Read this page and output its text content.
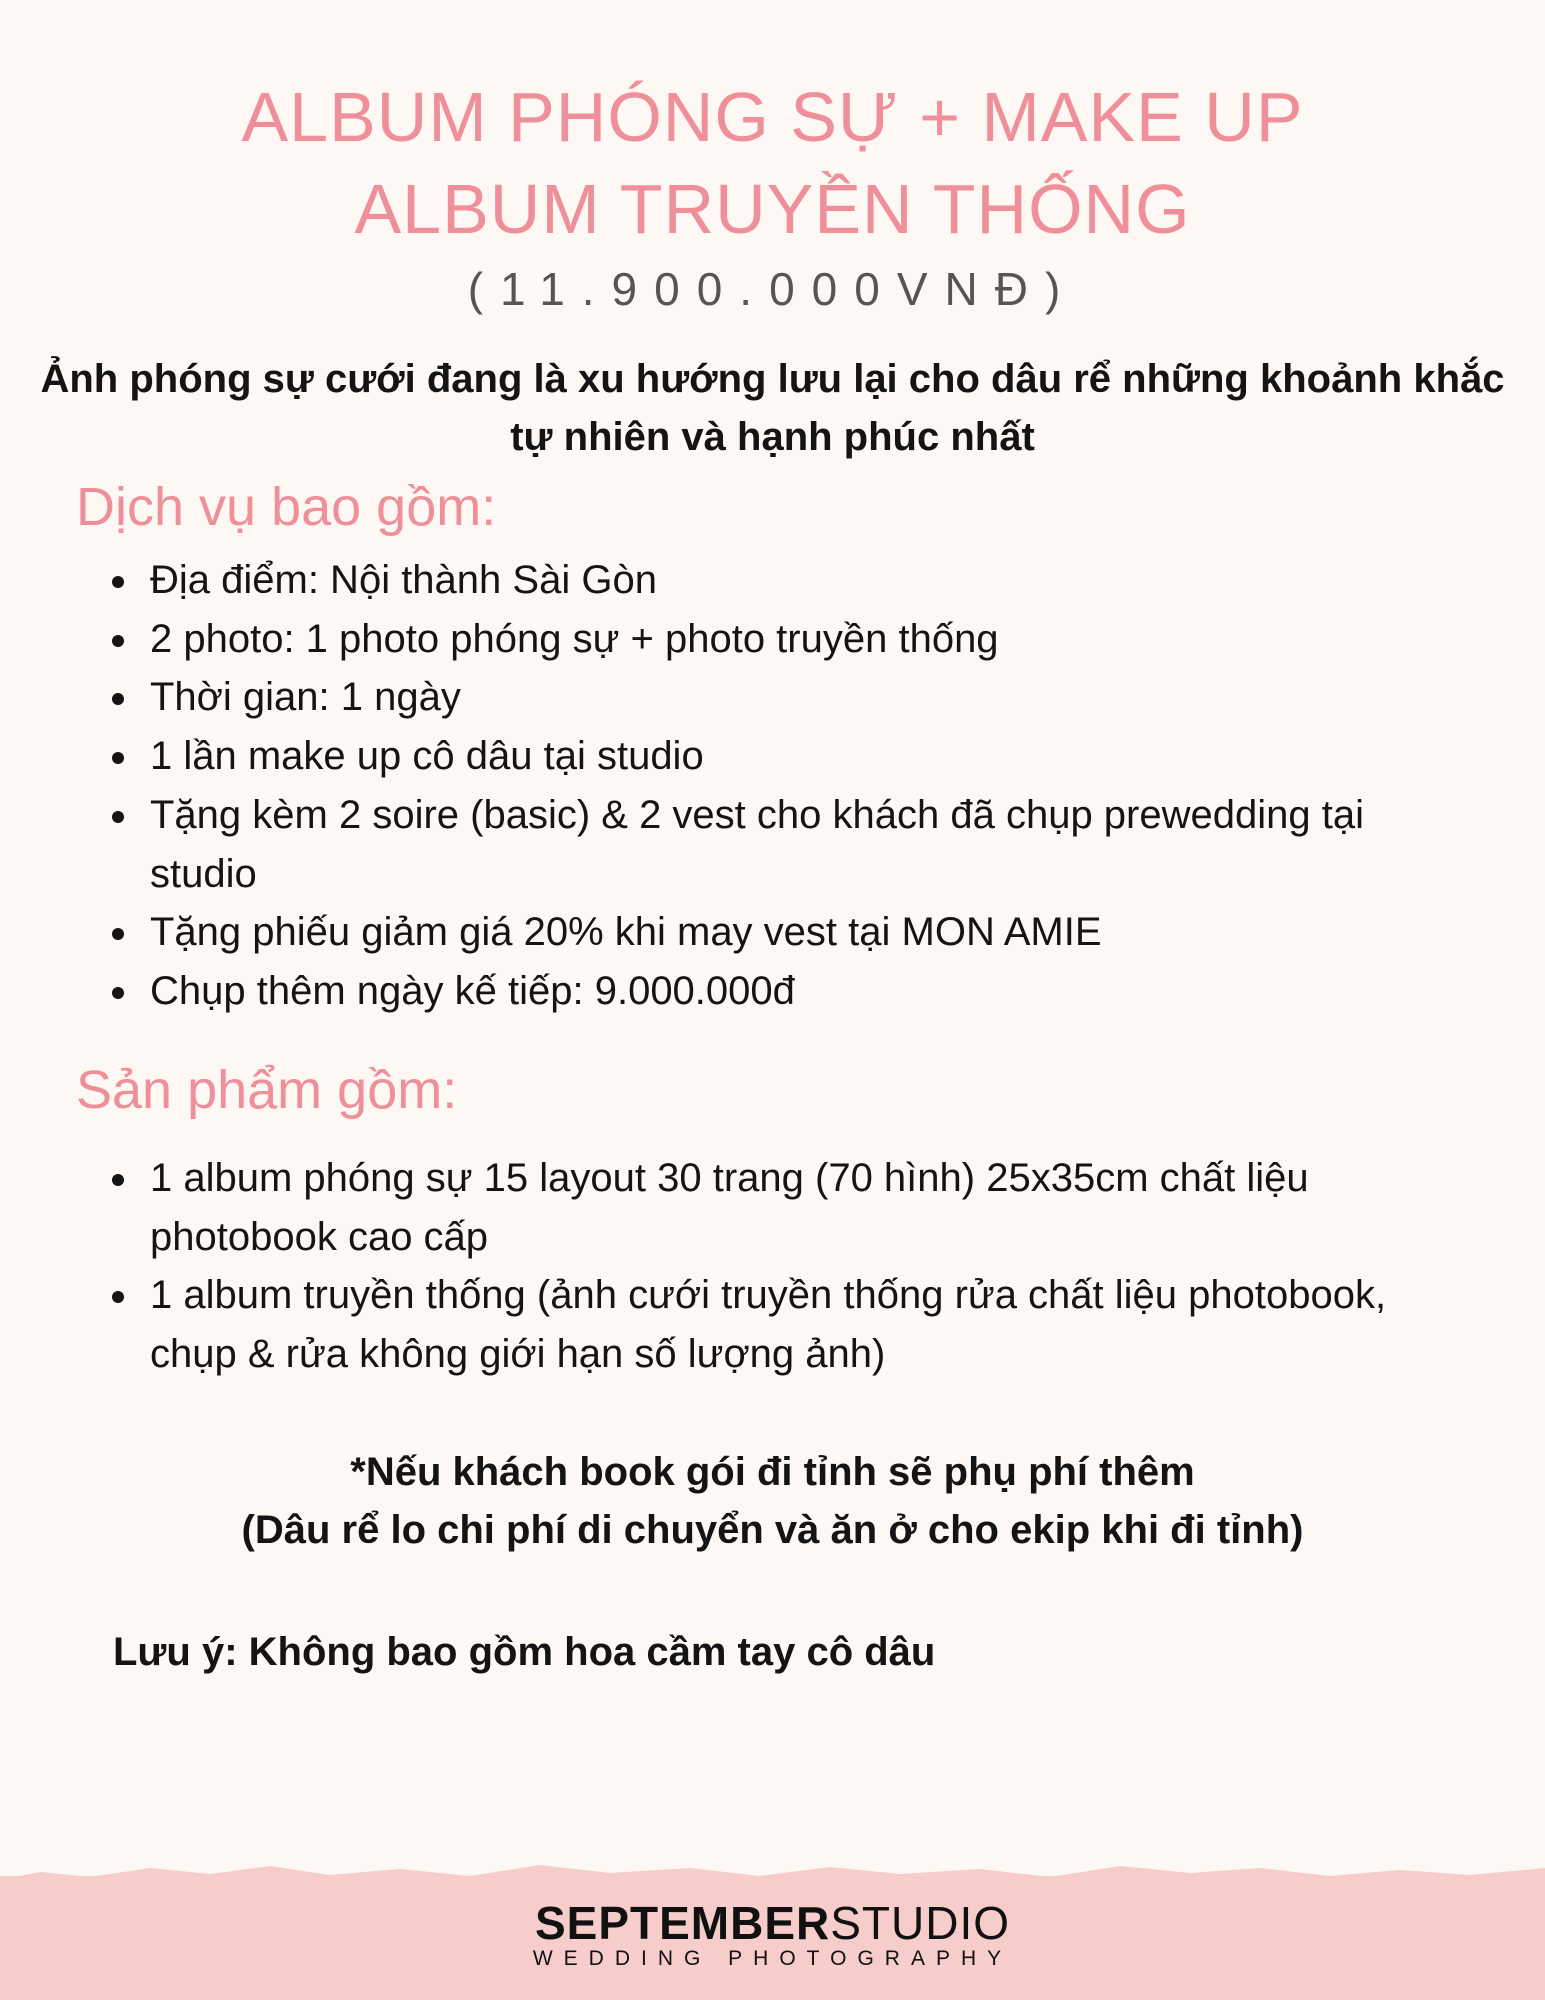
ALBUM PHÓNG SỰ + MAKE UP
ALBUM TRUYỀN THỐNG
(11.900.000VNĐ)
Ảnh phóng sự cưới đang là xu hướng lưu lại cho dâu rể những khoảnh khắc tự nhiên và hạnh phúc nhất
Dịch vụ bao gồm:
Địa điểm: Nội thành Sài Gòn
2 photo: 1 photo phóng sự + photo truyền thống
Thời gian: 1 ngày
1 lần make up cô dâu tại studio
Tặng kèm 2 soire (basic) & 2 vest cho khách đã chụp prewedding tại studio
Tặng phiếu giảm giá 20% khi may vest tại MON AMIE
Chụp thêm ngày kế tiếp: 9.000.000đ
Sản phẩm gồm:
1 album phóng sự 15 layout 30 trang (70 hình) 25x35cm chất liệu photobook cao cấp
1 album truyền thống (ảnh cưới truyền thống rửa chất liệu photobook, chụp & rửa không giới hạn số lượng ảnh)
*Nếu khách book gói đi tỉnh sẽ phụ phí thêm
(Dâu rể lo chi phí di chuyển và ăn ở cho ekip khi đi tỉnh)
Lưu ý: Không bao gồm hoa cầm tay cô dâu
SEPTEMBERSTUDIO
WEDDING PHOTOGRAPHY
